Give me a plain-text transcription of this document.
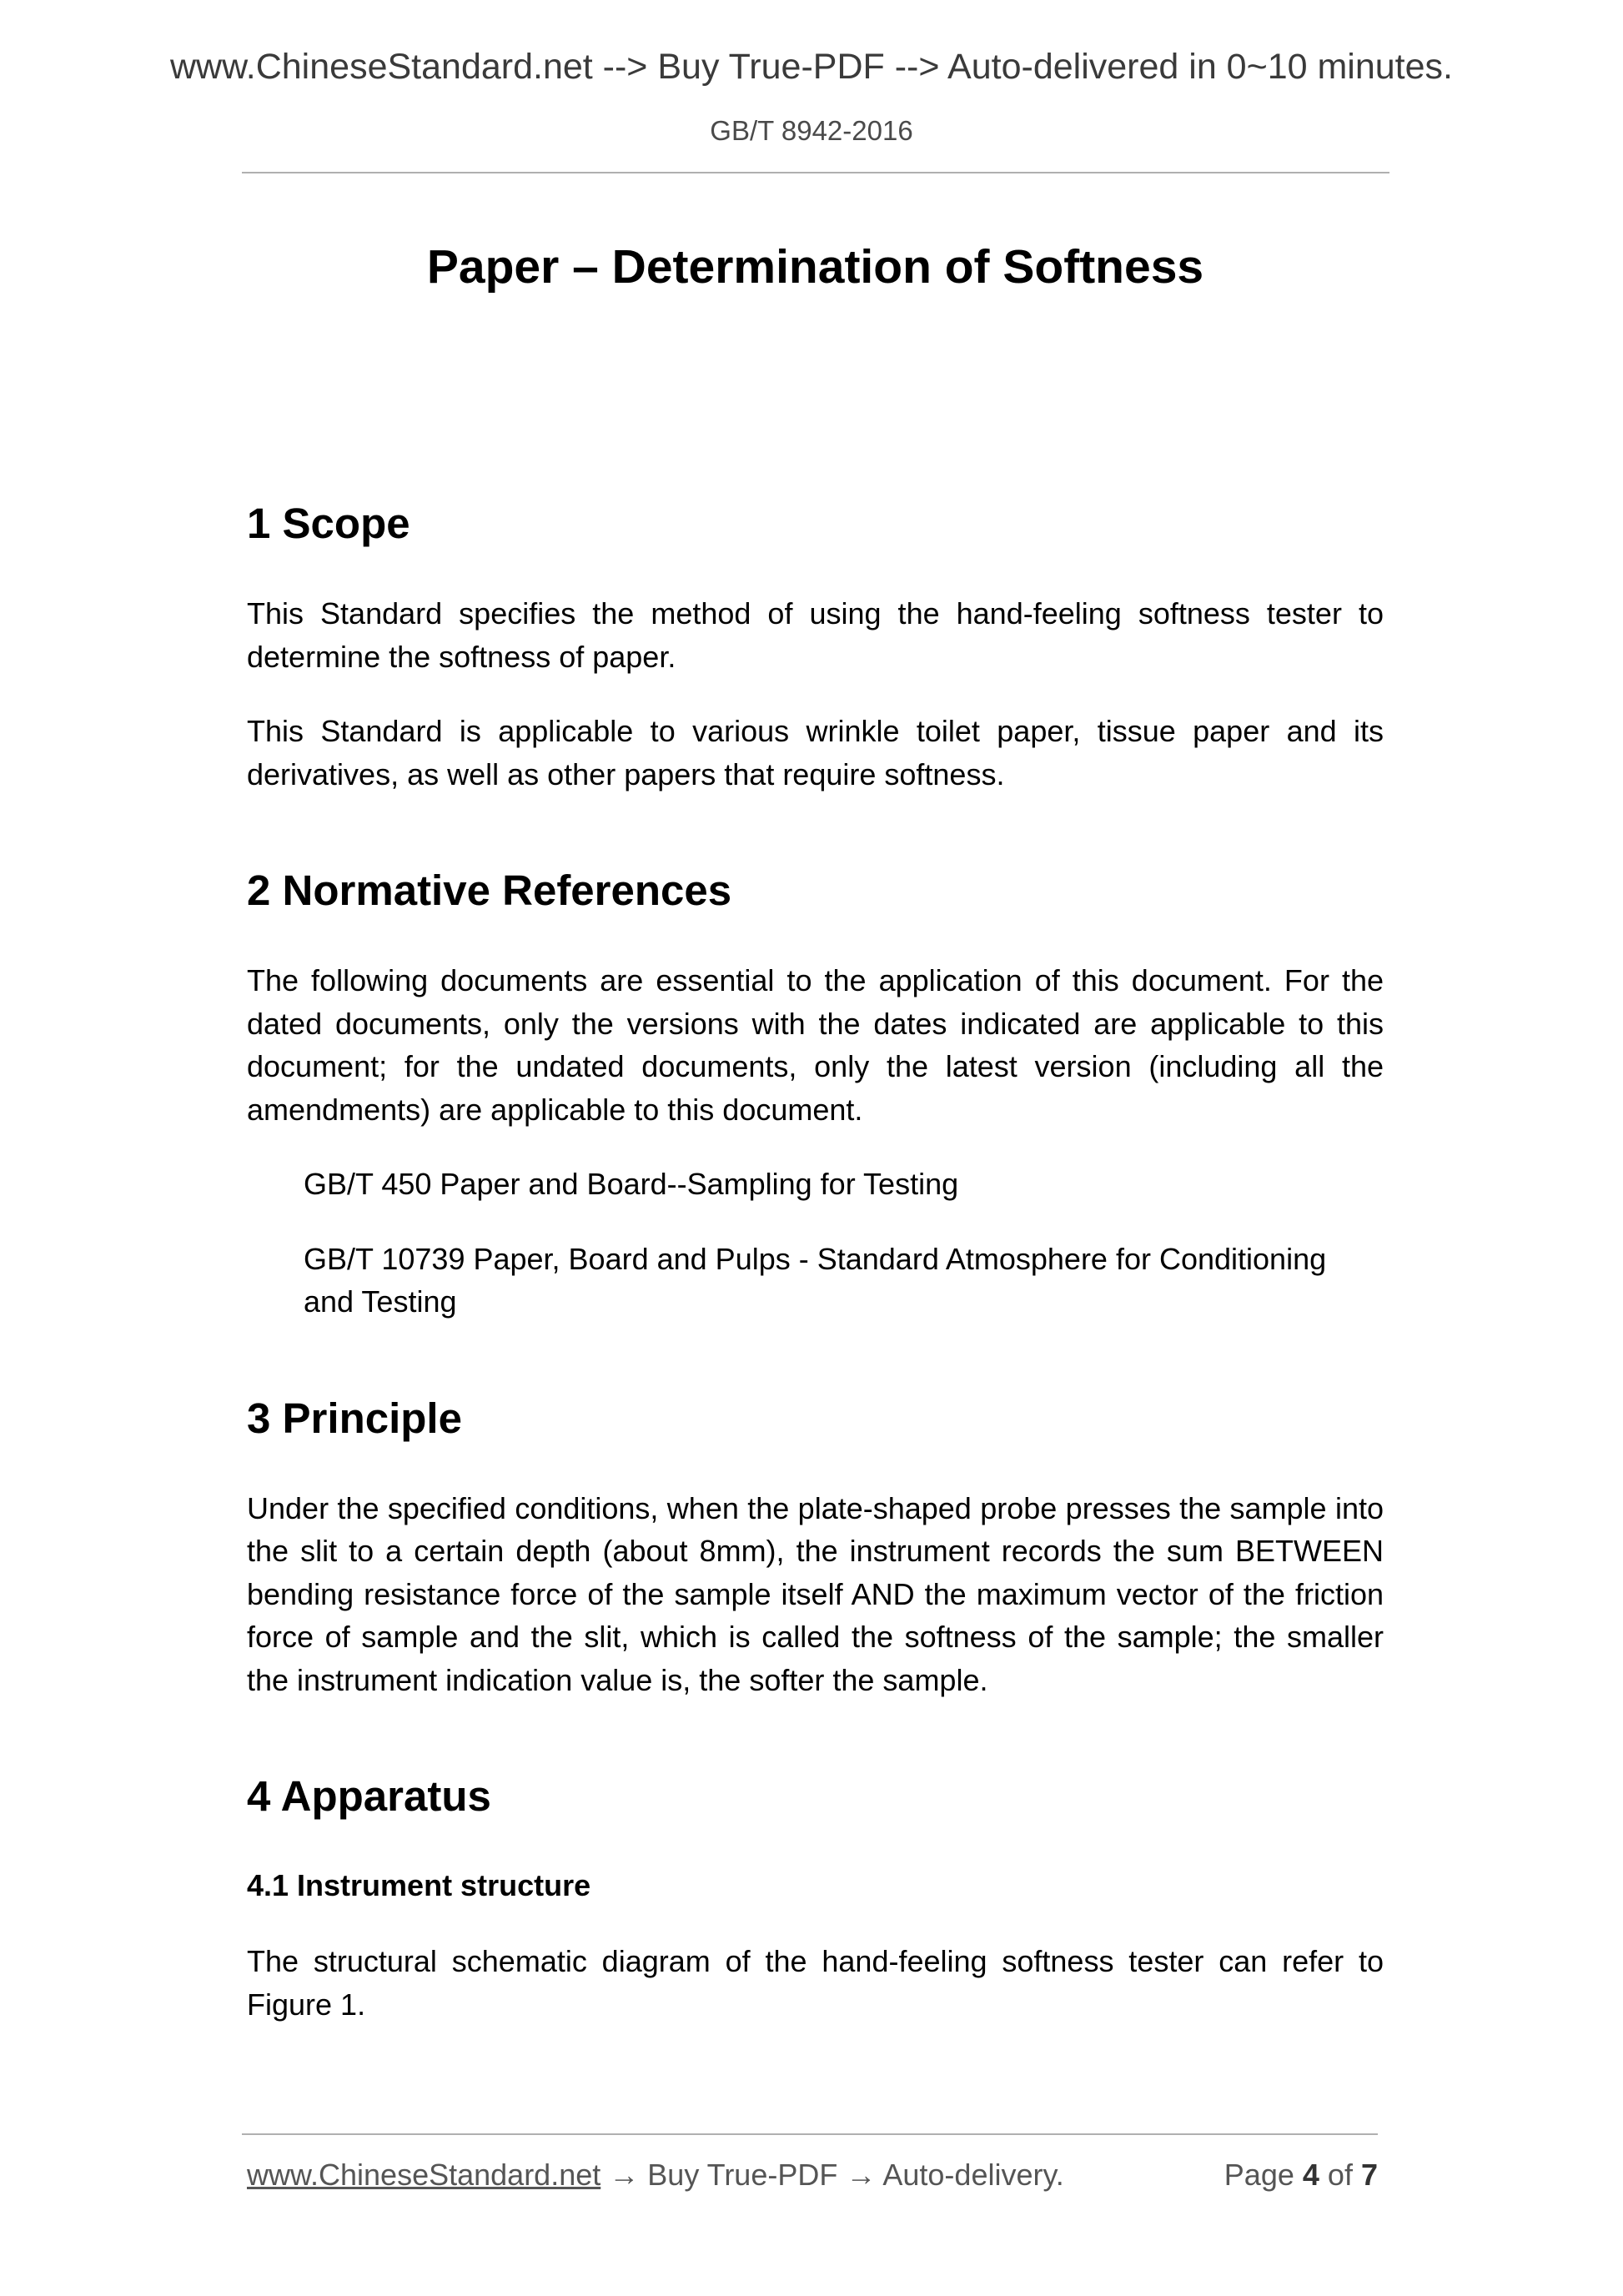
www.ChineseStandard.net --> Buy True-PDF --> Auto-delivered in 0~10 minutes.
GB/T 8942-2016
Paper – Determination of Softness
1 Scope

This Standard specifies the method of using the hand-feeling softness tester to determine the softness of paper.

This Standard is applicable to various wrinkle toilet paper, tissue paper and its derivatives, as well as other papers that require softness.

2 Normative References

The following documents are essential to the application of this document. For the dated documents, only the versions with the dates indicated are applicable to this document; for the undated documents, only the latest version (including all the amendments) are applicable to this document.

GB/T 450 Paper and Board--Sampling for Testing

GB/T 10739 Paper, Board and Pulps - Standard Atmosphere for Conditioning and Testing

3 Principle

Under the specified conditions, when the plate-shaped probe presses the sample into the slit to a certain depth (about 8mm), the instrument records the sum BETWEEN bending resistance force of the sample itself AND the maximum vector of the friction force of sample and the slit, which is called the softness of the sample; the smaller the instrument indication value is, the softer the sample.

4 Apparatus
4.1 Instrument structure

The structural schematic diagram of the hand-feeling softness tester can refer to Figure 1.

www.ChineseStandard.net → Buy True-PDF → Auto-delivery.	Page 4 of 7
